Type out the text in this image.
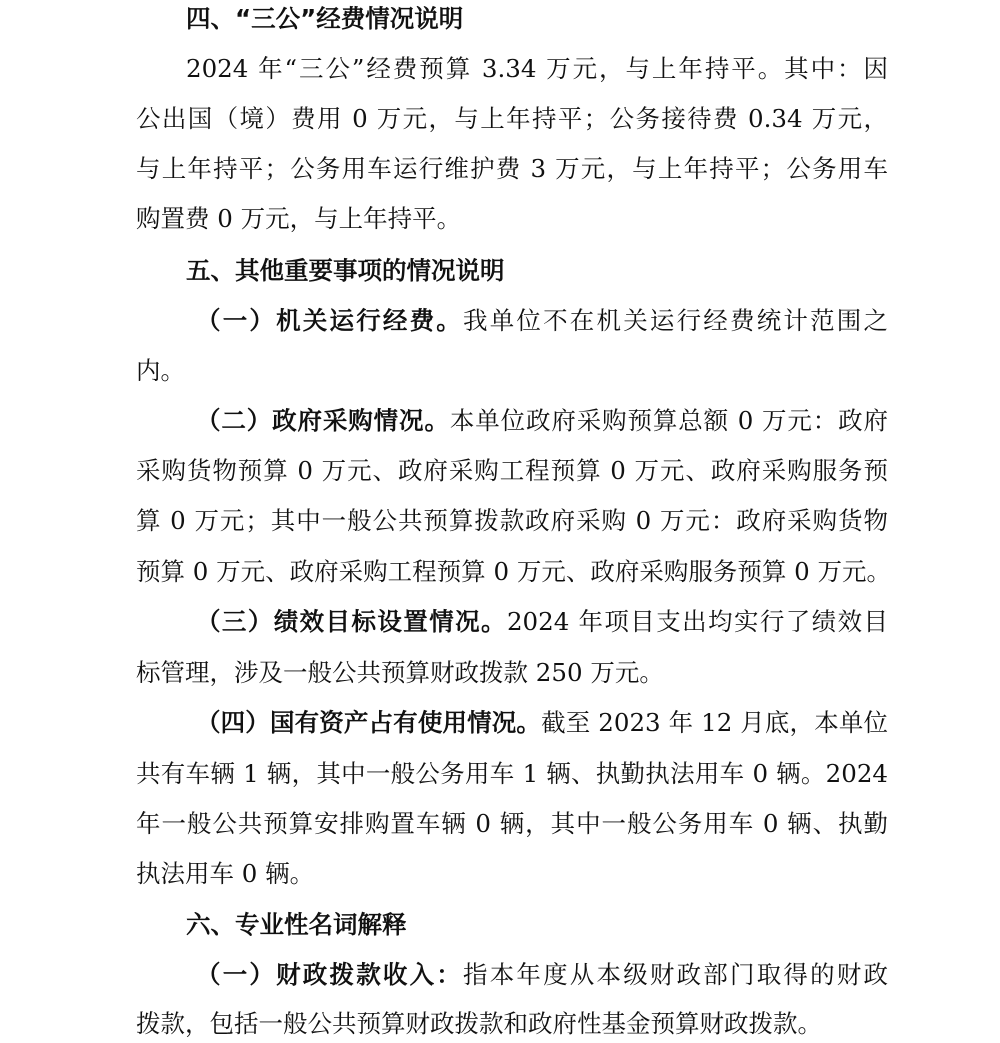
四、“三公”经费情况说明
2024 年“三公”经费预算 3.34 万元，与上年持平。其中：因
公出国（境）费用 0 万元，与上年持平；公务接待费 0.34 万元，
与上年持平；公务用车运行维护费 3 万元，与上年持平；公务用车
购置费 0 万元，与上年持平。
五、其他重要事项的情况说明
（一）机关运行经费。我单位不在机关运行经费统计范围之
内。
（二）政府采购情况。本单位政府采购预算总额 0 万元：政府
采购货物预算 0 万元、政府采购工程预算 0 万元、政府采购服务预
算 0 万元；其中一般公共预算拨款政府采购 0 万元：政府采购货物
预算 0 万元、政府采购工程预算 0 万元、政府采购服务预算 0 万元。
（三）绩效目标设置情况。2024 年项目支出均实行了绩效目
标管理，涉及一般公共预算财政拨款 250 万元。
（四）国有资产占有使用情况。截至 2023 年 12 月底，本单位
共有车辆 1 辆，其中一般公务用车 1 辆、执勤执法用车 0 辆。2024
年一般公共预算安排购置车辆 0 辆，其中一般公务用车 0 辆、执勤
执法用车 0 辆。
六、专业性名词解释
（一）财政拨款收入：指本年度从本级财政部门取得的财政
拨款，包括一般公共预算财政拨款和政府性基金预算财政拨款。
